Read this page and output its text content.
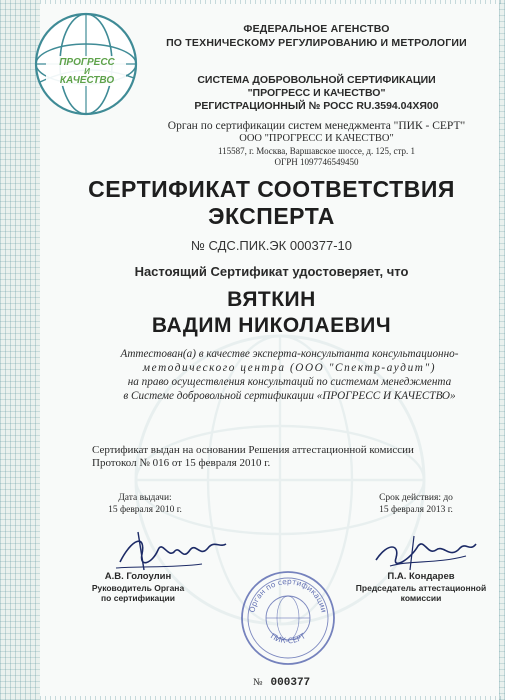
ПРОГРЕСС
И
КАЧЕСТВО
ФЕДЕРАЛЬНОЕ АГЕНСТВО
ПО ТЕХНИЧЕСКОМУ РЕГУЛИРОВАНИЮ И МЕТРОЛОГИИ
СИСТЕМА ДОБРОВОЛЬНОЙ СЕРТИФИКАЦИИ
"ПРОГРЕСС И КАЧЕСТВО"
РЕГИСТРАЦИОННЫЙ № РОСС RU.3594.04ХЯ00
Орган по сертификации систем менеджмента "ПИК - СЕРТ"
ООО "ПРОГРЕСС И КАЧЕСТВО"
115587, г. Москва, Варшавское шоссе, д. 125, стр. 1
ОГРН 1097746549450
СЕРТИФИКАТ СООТВЕТСТВИЯ
ЭКСПЕРТА
№ СДС.ПИК.ЭК 000377-10
Настоящий Сертификат удостоверяет, что
ВЯТКИН
ВАДИМ НИКОЛАЕВИЧ
Аттестован(а) в качестве эксперта-консультанта консультационно-
методического центра (ООО "Спектр-аудит")
на право осуществления консультаций по системам менеджмента
в Системе добровольной сертификации «ПРОГРЕСС И КАЧЕСТВО»
Сертификат выдан на основании Решения аттестационной комиссии
Протокол № 016 от 15 февраля 2010 г.
Дата выдачи:
15 февраля 2010 г.
Срок действия: до
15 февраля 2013 г.
А.В. Голоулин
Руководитель Органа
по сертификации
Орган по сертификации
ПИК-СЕРТ
П.А. Кондарев
Председатель аттестационной
комиссии
№ 000377
